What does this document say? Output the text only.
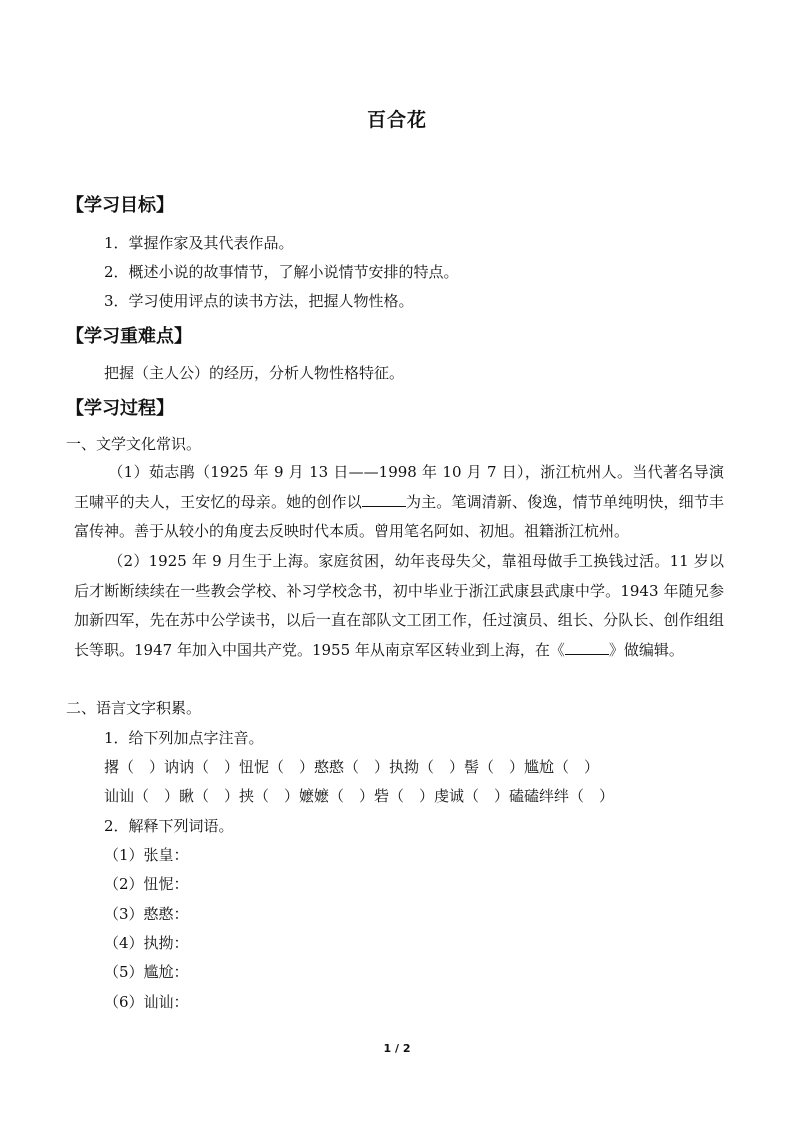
百合花
【学习目标】
1．掌握作家及其代表作品。
2．概述小说的故事情节，了解小说情节安排的特点。
3．学习使用评点的读书方法，把握人物性格。
【学习重难点】
把握（主人公）的经历，分析人物性格特征。
【学习过程】
一、文学文化常识。
（1）茹志鹃（1925 年 9 月 13 日——1998 年 10 月 7 日），浙江杭州人。当代著名导演王啸平的夫人，王安忆的母亲。她的创作以	为主。笔调清新、俊逸，情节单纯明快，细节丰富传神。善于从较小的角度去反映时代本质。曾用笔名阿如、初旭。祖籍浙江杭州。
（2）1925 年 9 月生于上海。家庭贫困，幼年丧母失父，靠祖母做手工换钱过活。11 岁以后才断断续续在一些教会学校、补习学校念书，初中毕业于浙江武康县武康中学。1943 年随兄参加新四军，先在苏中公学读书，以后一直在部队文工团工作，任过演员、组长、分队长、创作组组长等职。1947 年加入中国共产党。1955 年从南京军区转业到上海，在《	》做编辑。
二、语言文字积累。
1．给下列加点字注音。
撂（　）讷讷（　）忸怩（　）憨憨（　）执拗（　）髻（　）尴尬（　）
讪讪（　）瞅（　）挟（　）嬷嬷（　）砦（　）虔诚（　）磕磕绊绊（　）
2．解释下列词语。
（1）张皇：
（2）忸怩：
（3）憨憨：
（4）执拗：
（5）尴尬：
（6）讪讪：
1 / 2
